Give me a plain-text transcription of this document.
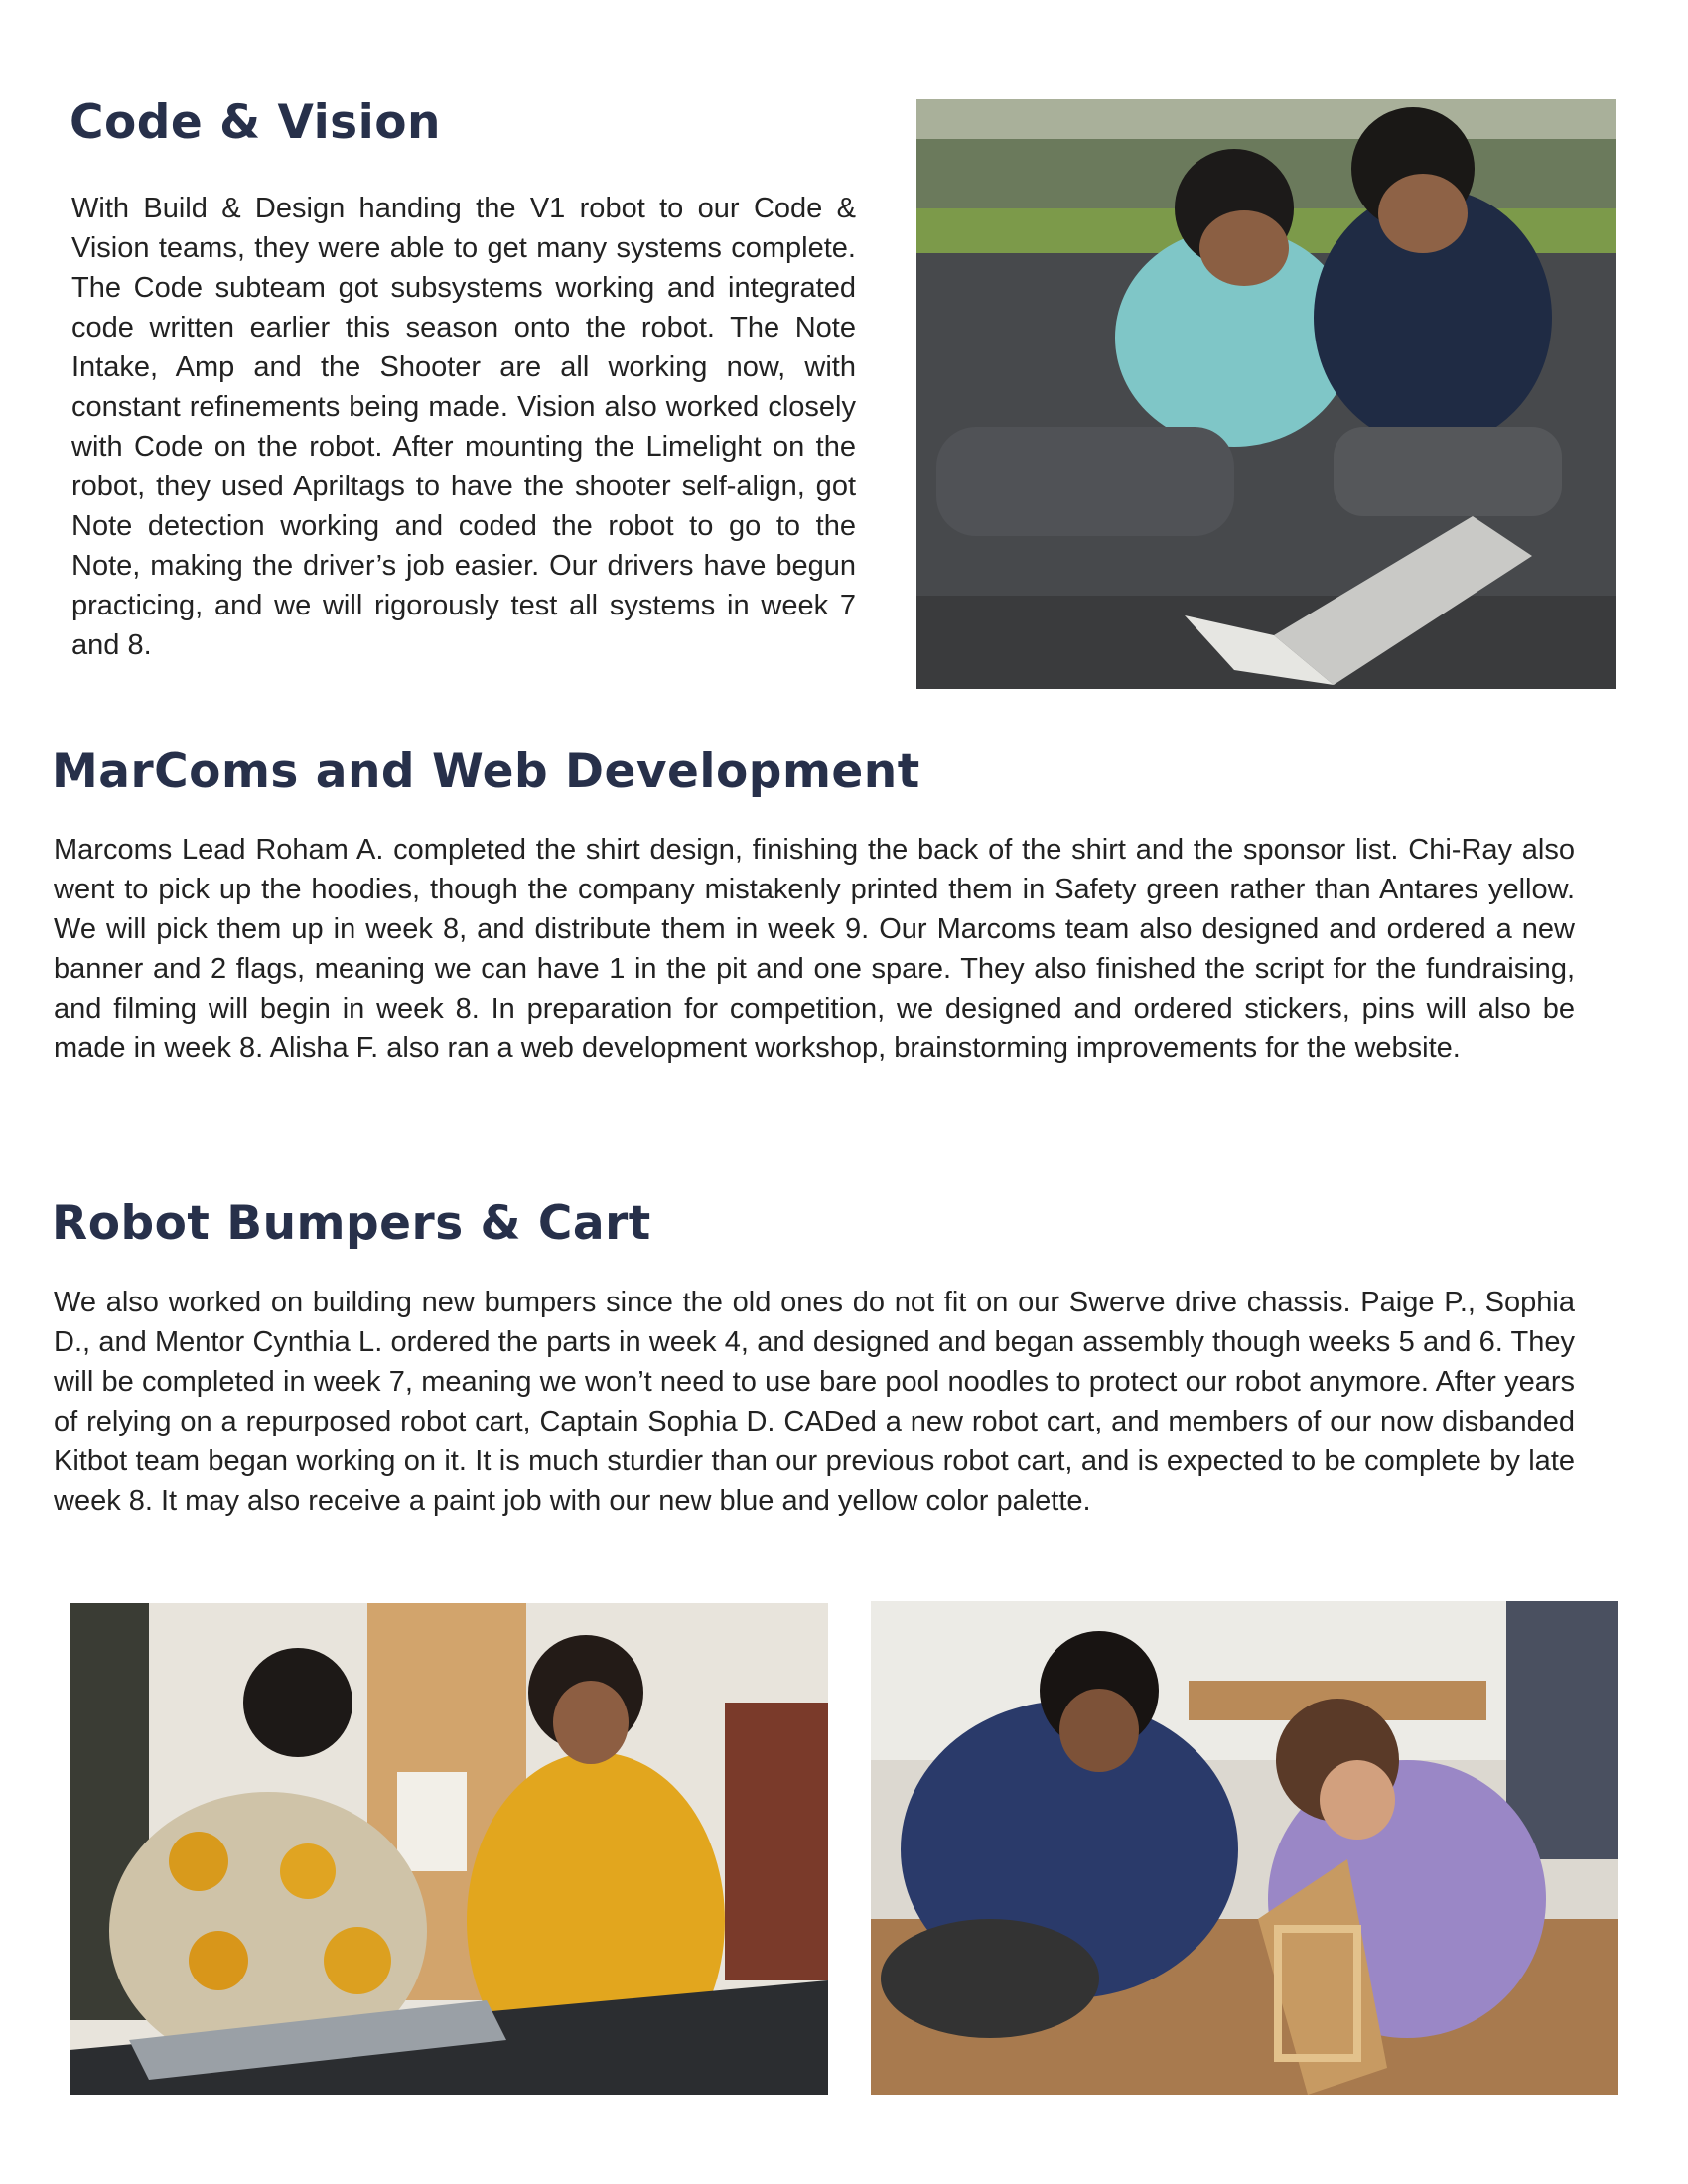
Code & Vision

With Build & Design handing the V1 robot to our Code & Vision teams, they were able to get many systems complete. The Code subteam got subsystems working and integrated code written earlier this season onto the robot. The Note Intake, Amp and the Shooter are all working now, with constant refinements being made. Vision also worked closely with Code on the robot. After mounting the Limelight on the robot, they used Apriltags to have the shooter self-align, got Note detection working and coded the robot to go to the Note, making the driver’s job easier. Our drivers have begun practicing, and we will rigorously test all systems in week 7 and 8.

MarComs and Web Development

Marcoms Lead Roham A. completed the shirt design, finishing the back of the shirt and the sponsor list. Chi-Ray also went to pick up the hoodies, though the company mistakenly printed them in Safety green rather than Antares yellow. We will pick them up in week 8, and distribute them in week 9. Our Marcoms team also designed and ordered a new banner and 2 flags, meaning we can have 1 in the pit and one spare. They also finished the script for the fundraising, and filming will begin in week 8. In preparation for competition, we designed and ordered stickers, pins will also be made in week 8. Alisha F. also ran a web development workshop, brainstorming improvements for the website.

Robot Bumpers & Cart

We also worked on building new bumpers since the old ones do not fit on our Swerve drive chassis. Paige P., Sophia D., and Mentor Cynthia L. ordered the parts in week 4, and designed and began assembly though weeks 5 and 6. They will be completed in week 7, meaning we won’t need to use bare pool noodles to protect our robot anymore. After years of relying on a repurposed robot cart, Captain Sophia D. CADed a new robot cart, and members of our now disbanded Kitbot team began working on it. It is much sturdier than our previous robot cart, and is expected to be complete by late week 8. It may also receive a paint job with our new blue and yellow color palette.
